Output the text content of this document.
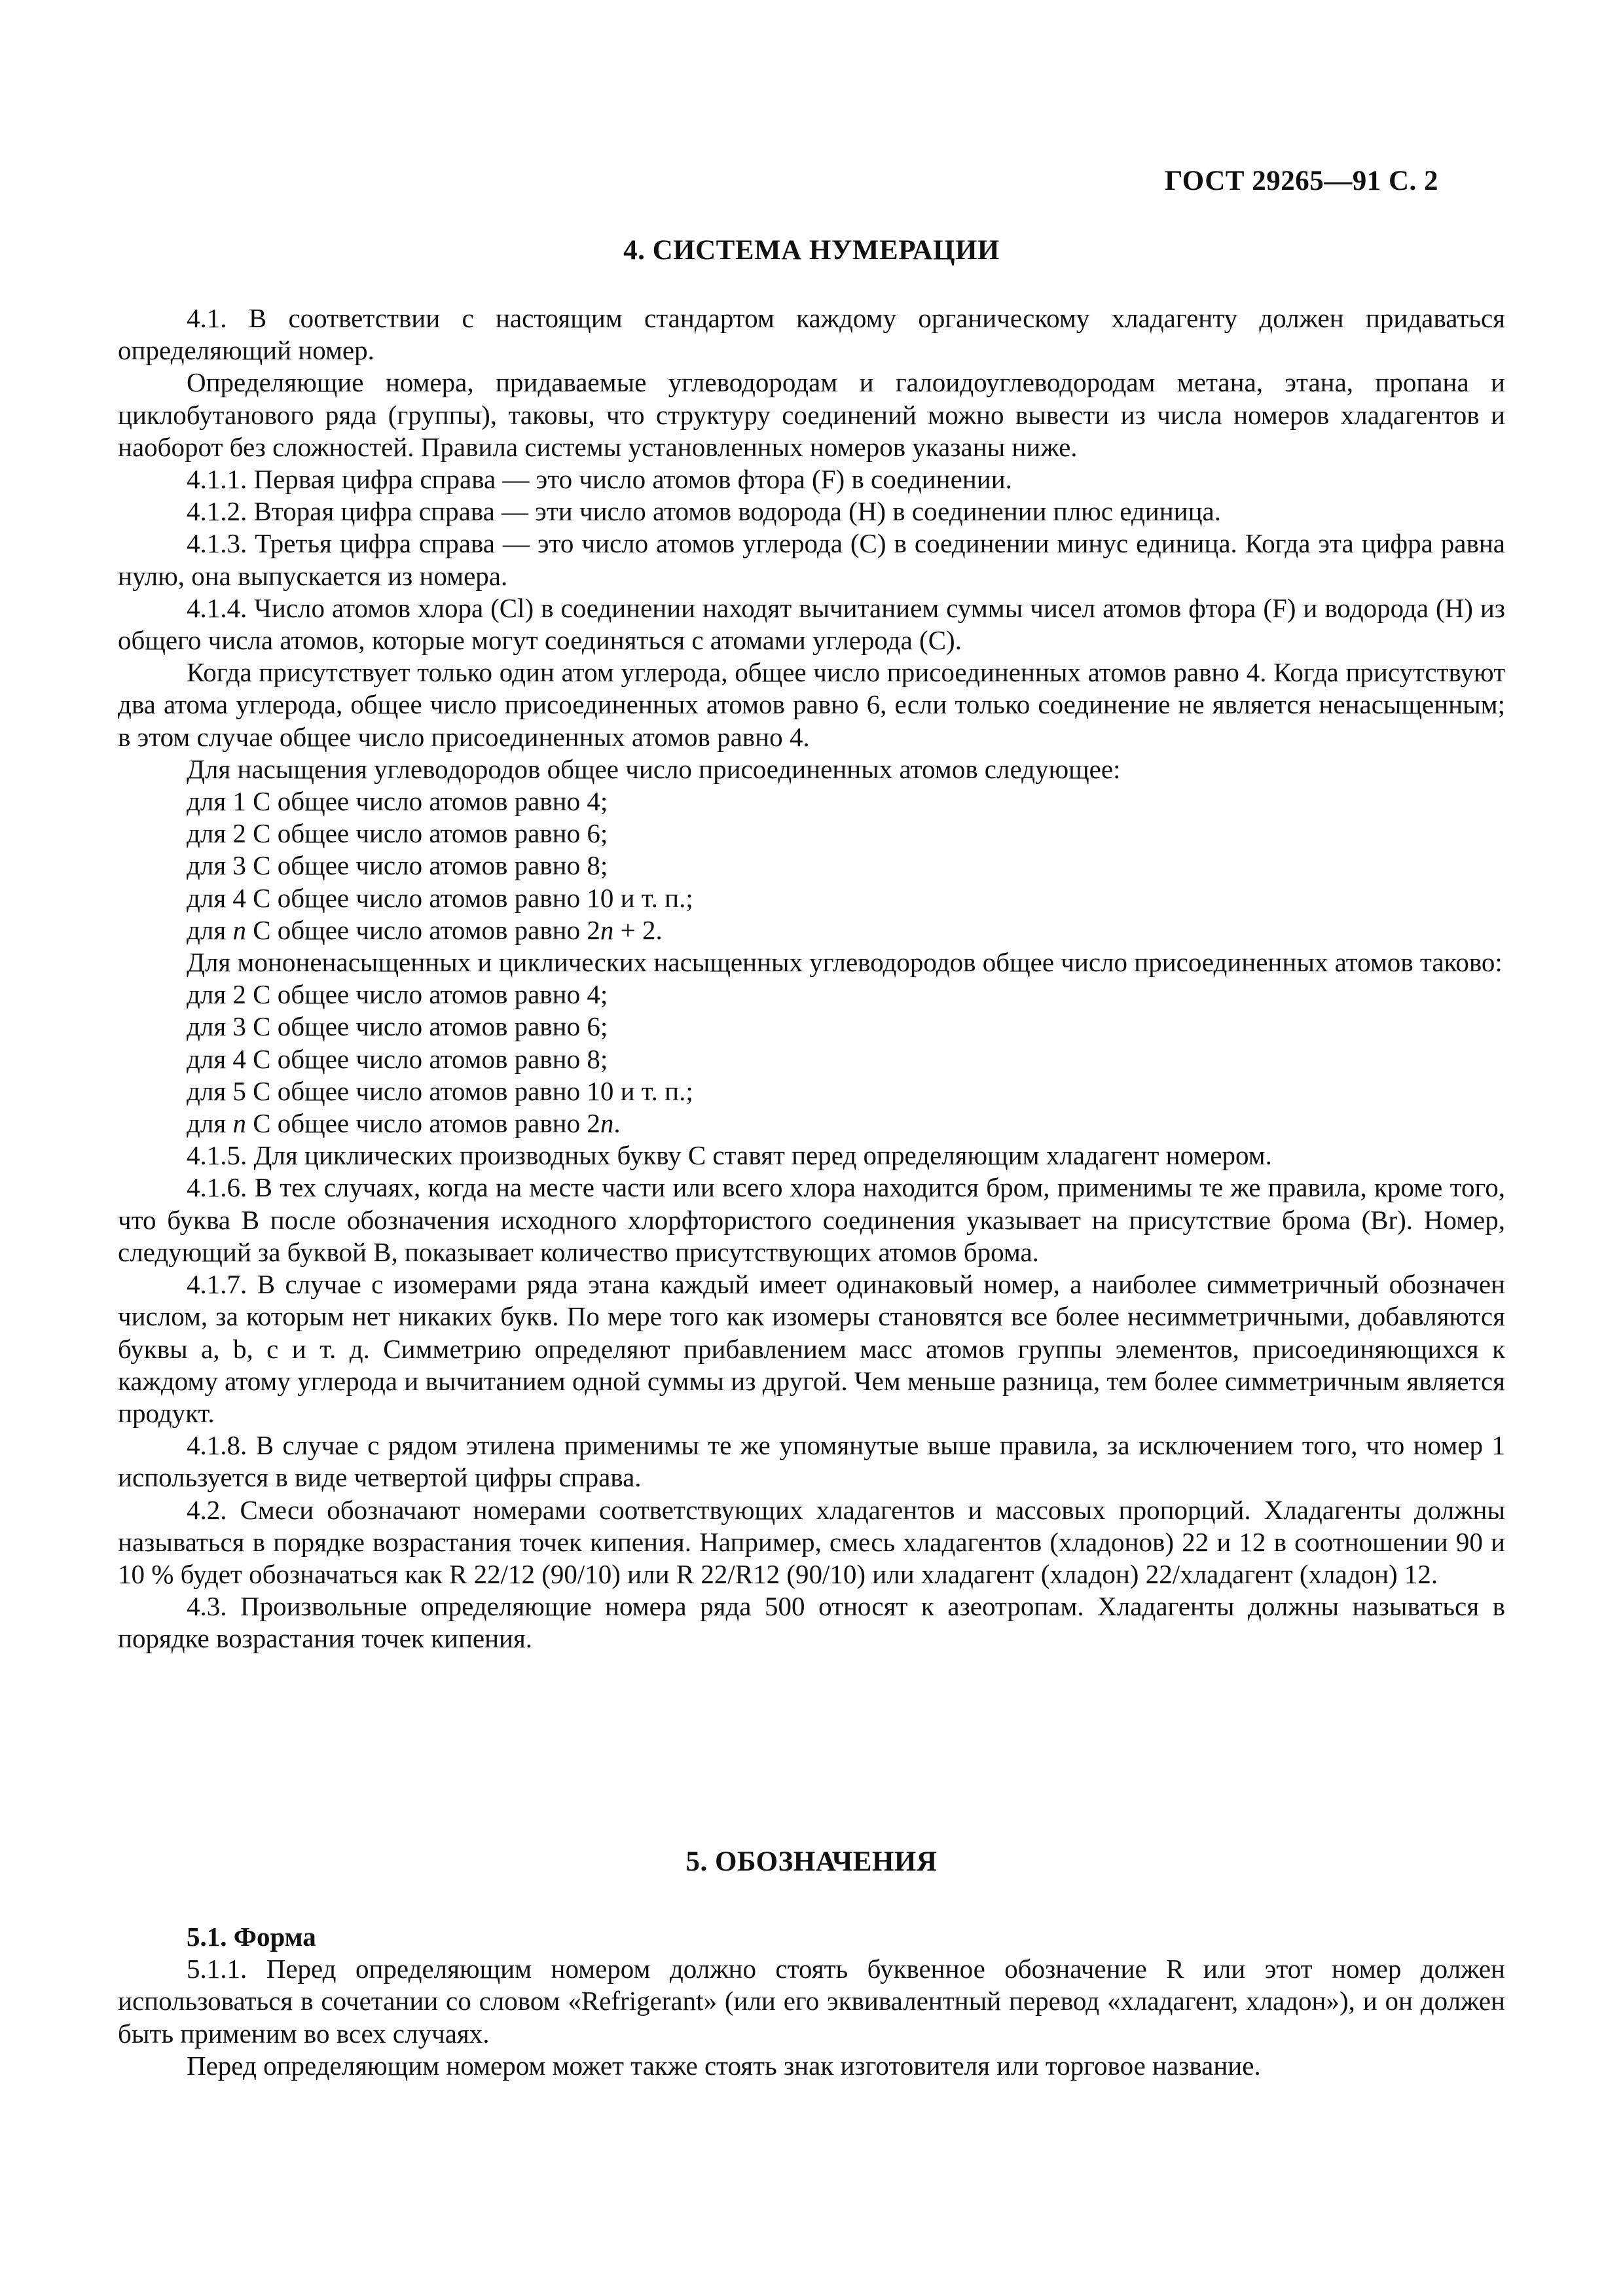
ГОСТ 29265—91 С. 2
4. СИСТЕМА НУМЕРАЦИИ

4.1. В соответствии с настоящим стандартом каждому органическому хладагенту должен придаваться определяющий номер.

Определяющие номера, придаваемые углеводородам и галоидоуглеводородам метана, этана, пропана и циклобутанового ряда (группы), таковы, что структуру соединений можно вывести из числа номеров хладагентов и наоборот без сложностей. Правила системы установленных номеров указаны ниже.

4.1.1. Первая цифра справа — это число атомов фтора (F) в соединении.

4.1.2. Вторая цифра справа — эти число атомов водорода (Н) в соединении плюс единица.

4.1.3. Третья цифра справа — это число атомов углерода (С) в соединении минус единица. Когда эта цифра равна нулю, она выпускается из номера.

4.1.4. Число атомов хлора (Cl) в соединении находят вычитанием суммы чисел атомов фтора (F) и водорода (Н) из общего числа атомов, которые могут соединяться с атомами углерода (С).

Когда присутствует только один атом углерода, общее число присоединенных атомов равно 4. Когда присутствуют два атома углерода, общее число присоединенных атомов равно 6, если только соединение не является ненасыщенным; в этом случае общее число присоединенных атомов равно 4.

Для насыщения углеводородов общее число присоединенных атомов следующее:

для 1 С общее число атомов равно 4;

для 2 С общее число атомов равно 6;

для 3 С общее число атомов равно 8;

для 4 С общее число атомов равно 10 и т. п.;

для n С общее число атомов равно 2n + 2.

Для мононенасыщенных и циклических насыщенных углеводородов общее число присоединенных атомов таково:

для 2 С общее число атомов равно 4;

для 3 С общее число атомов равно 6;

для 4 С общее число атомов равно 8;

для 5 С общее число атомов равно 10 и т. п.;

для n С общее число атомов равно 2n.

4.1.5. Для циклических производных букву С ставят перед определяющим хладагент номером.

4.1.6. В тех случаях, когда на месте части или всего хлора находится бром, применимы те же правила, кроме того, что буква В после обозначения исходного хлорфтористого соединения указывает на присутствие брома (Br). Номер, следующий за буквой В, показывает количество присутствующих атомов брома.

4.1.7. В случае с изомерами ряда этана каждый имеет одинаковый номер, а наиболее симметричный обозначен числом, за которым нет никаких букв. По мере того как изомеры становятся все более несимметричными, добавляются буквы а, b, с и т. д. Симметрию определяют прибавлением масс атомов группы элементов, присоединяющихся к каждому атому углерода и вычитанием одной суммы из другой. Чем меньше разница, тем более симметричным является продукт.

4.1.8. В случае с рядом этилена применимы те же упомянутые выше правила, за исключением того, что номер 1 используется в виде четвертой цифры справа.

4.2. Смеси обозначают номерами соответствующих хладагентов и массовых пропорций. Хладагенты должны называться в порядке возрастания точек кипения. Например, смесь хладагентов (хладонов) 22 и 12 в соотношении 90 и 10 % будет обозначаться как R 22/12 (90/10) или R 22/R12 (90/10) или хладагент (хладон) 22/хладагент (хладон) 12.

4.3. Произвольные определяющие номера ряда 500 относят к азеотропам. Хладагенты должны называться в порядке возрастания точек кипения.

5. ОБОЗНАЧЕНИЯ

5.1. Форма

5.1.1. Перед определяющим номером должно стоять буквенное обозначение R или этот номер должен использоваться в сочетании со словом «Refrigerant» (или его эквивалентный перевод «хладагент, хладон»), и он должен быть применим во всех случаях.

Перед определяющим номером может также стоять знак изготовителя или торговое название.
